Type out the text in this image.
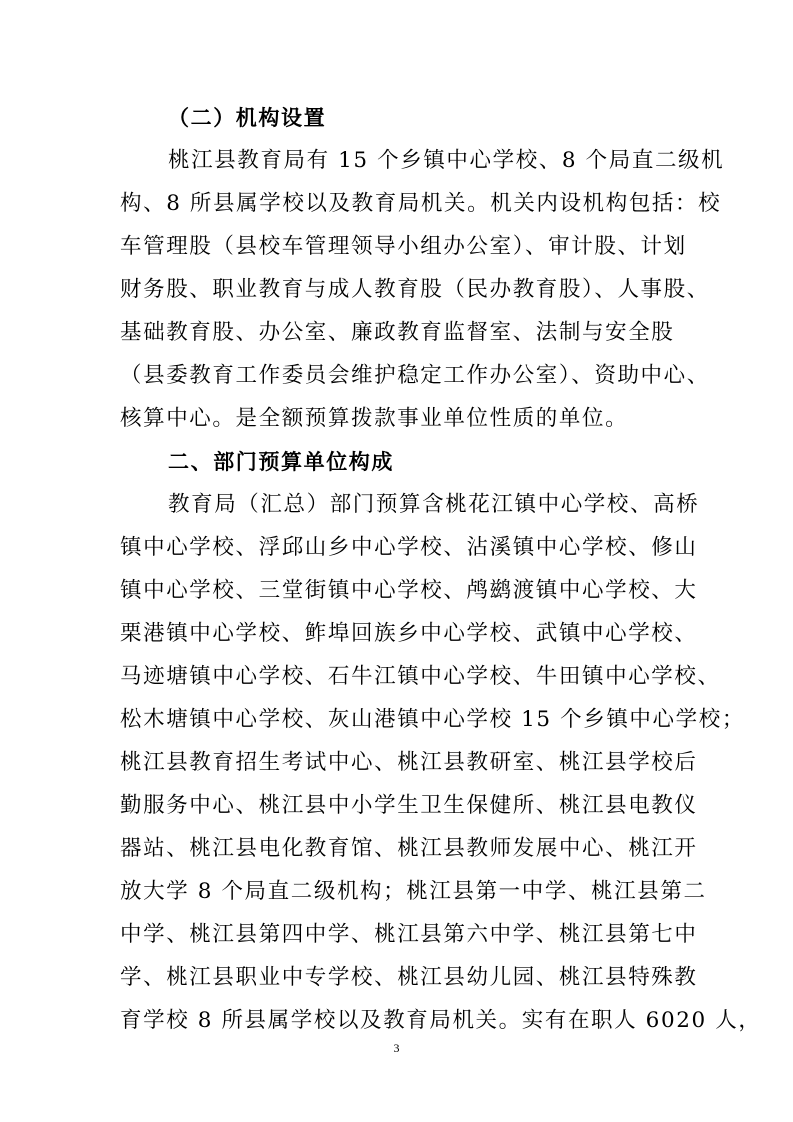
（二）机构设置
桃江县教育局有 15 个乡镇中心学校、8 个局直二级机
构、8 所县属学校以及教育局机关。机关内设机构包括：校
车管理股（县校车管理领导小组办公室）、审计股、计划
财务股、职业教育与成人教育股（民办教育股）、人事股、
基础教育股、办公室、廉政教育监督室、法制与安全股
（县委教育工作委员会维护稳定工作办公室）、资助中心、
核算中心。是全额预算拨款事业单位性质的单位。
二、部门预算单位构成
教育局（汇总）部门预算含桃花江镇中心学校、高桥
镇中心学校、浮邱山乡中心学校、沾溪镇中心学校、修山
镇中心学校、三堂街镇中心学校、鸬鹚渡镇中心学校、大
栗港镇中心学校、鲊埠回族乡中心学校、武镇中心学校、
马迹塘镇中心学校、石牛江镇中心学校、牛田镇中心学校、
松木塘镇中心学校、灰山港镇中心学校 15 个乡镇中心学校；
桃江县教育招生考试中心、桃江县教研室、桃江县学校后
勤服务中心、桃江县中小学生卫生保健所、桃江县电教仪
器站、桃江县电化教育馆、桃江县教师发展中心、桃江开
放大学 8 个局直二级机构；桃江县第一中学、桃江县第二
中学、桃江县第四中学、桃江县第六中学、桃江县第七中
学、桃江县职业中专学校、桃江县幼儿园、桃江县特殊教
育学校 8 所县属学校以及教育局机关。实有在职人 6020 人，
3
